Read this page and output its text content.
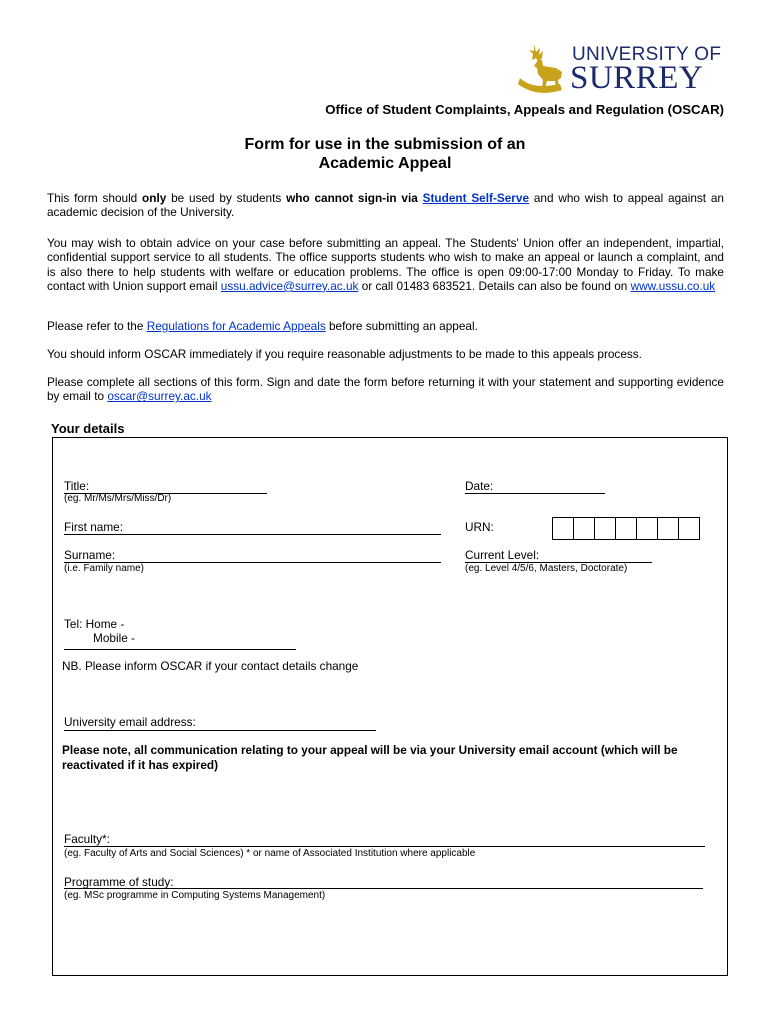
UNIVERSITY OF
SURREY
Office of Student Complaints, Appeals and Regulation (OSCAR)
Form for use in the submission of an
Academic Appeal
This form should only be used by students who cannot sign-in via Student Self-Serve and who wish to appeal against an academic decision of the University.
You may wish to obtain advice on your case before submitting an appeal. The Students' Union offer an independent, impartial, confidential support service to all students. The office supports students who wish to make an appeal or launch a complaint, and is also there to help students with welfare or education problems. The office is open 09:00-17:00 Monday to Friday. To make contact with Union support email ussu.advice@surrey.ac.uk or call 01483 683521. Details can also be found on www.ussu.co.uk
Please refer to the Regulations for Academic Appeals before submitting an appeal.
You should inform OSCAR immediately if you require reasonable adjustments to be made to this appeals process.
Please complete all sections of this form. Sign and date the form before returning it with your statement and supporting evidence by email to oscar@surrey.ac.uk
Your details
Title:
(eg. Mr/Ms/Mrs/Miss/Dr)
Date:
First name:	URN:
Surname:
(i.e. Family name)
Current Level:
(eg. Level 4/5/6, Masters, Doctorate)
Tel: Home -
Mobile -
NB. Please inform OSCAR if your contact details change
University email address:
Please note, all communication relating to your appeal will be via your University email account (which will be reactivated if it has expired)
Faculty*:
(eg. Faculty of Arts and Social Sciences) * or name of Associated Institution where applicable
Programme of study:
(eg. MSc programme in Computing Systems Management)
